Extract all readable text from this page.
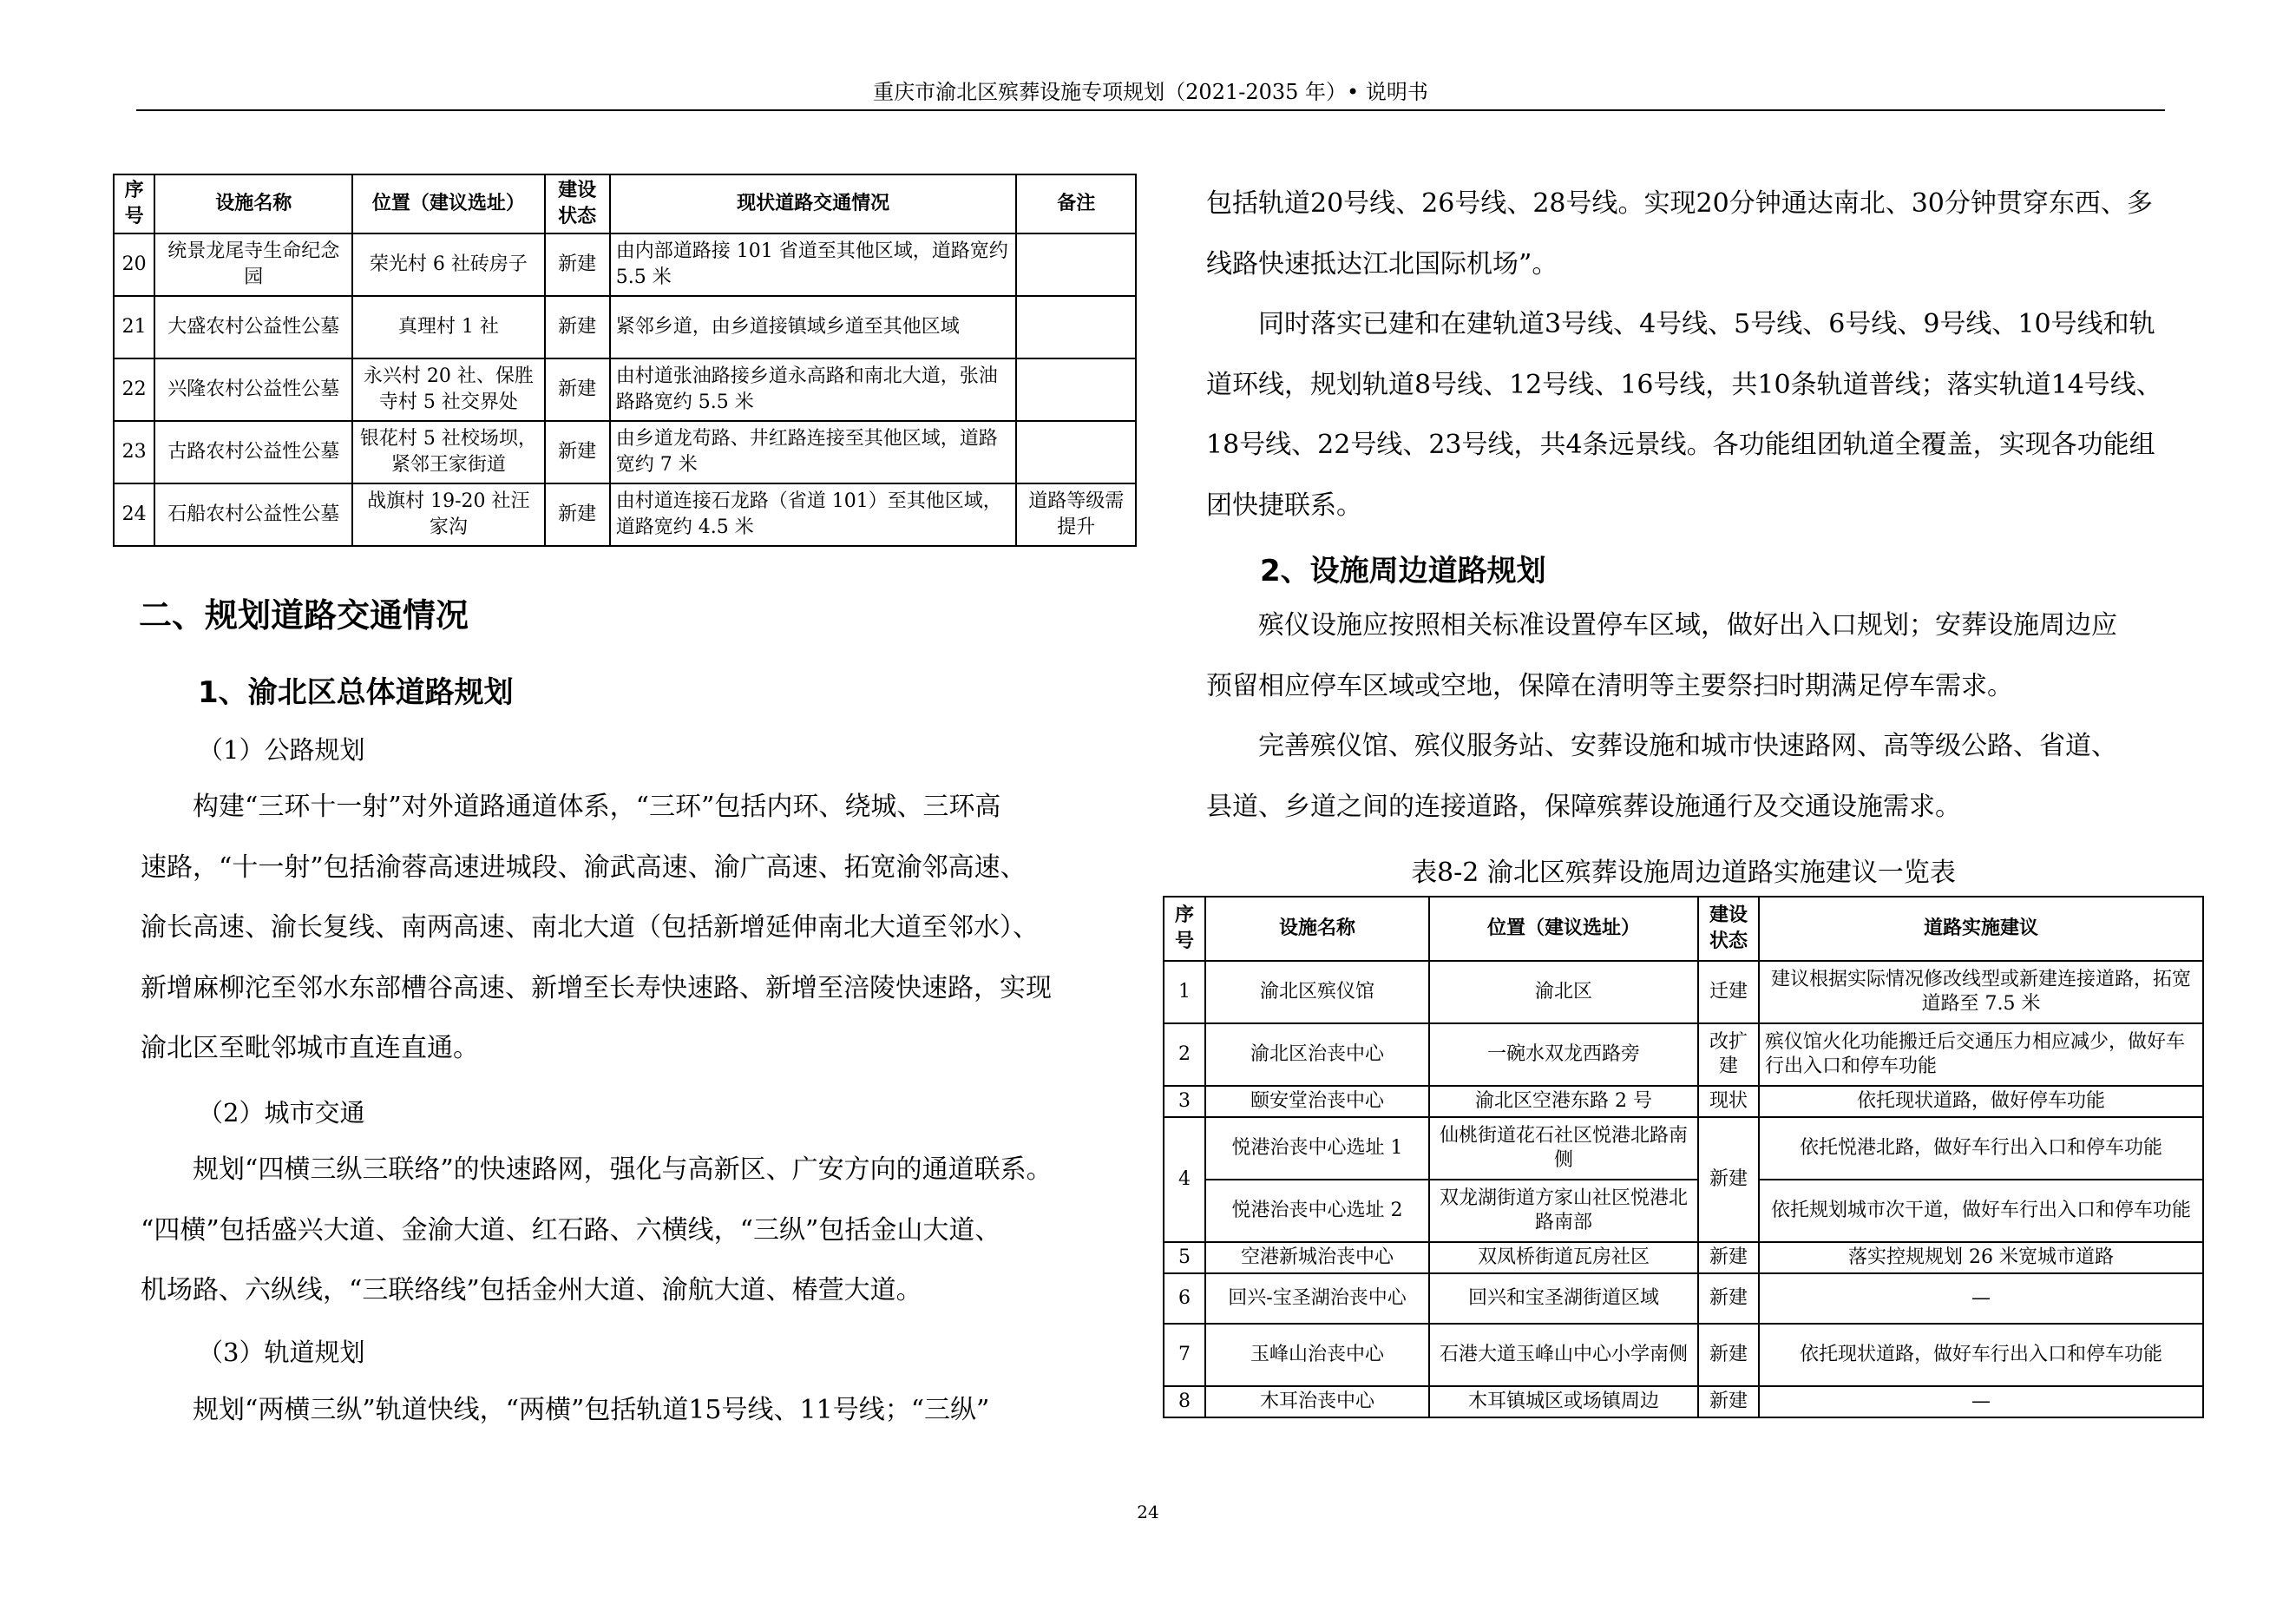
重庆市渝北区殡葬设施专项规划（2021-2035 年）• 说明书
序号	设施名称	位置（建议选址）	建设状态	现状道路交通情况	备注
20	统景龙尾寺生命纪念园	荣光村 6 社砖房子	新建	由内部道路接 101 省道至其他区域，道路宽约 5.5 米	
21	大盛农村公益性公墓	真理村 1 社	新建	紧邻乡道，由乡道接镇域乡道至其他区域	
22	兴隆农村公益性公墓	永兴村 20 社、保胜寺村 5 社交界处	新建	由村道张油路接乡道永高路和南北大道，张油路路宽约 5.5 米	
23	古路农村公益性公墓	银花村 5 社校场坝，紧邻王家街道	新建	由乡道龙苟路、井红路连接至其他区域，道路宽约 7 米	
24	石船农村公益性公墓	战旗村 19-20 社汪家沟	新建	由村道连接石龙路（省道 101）至其他区域，道路宽约 4.5 米	道路等级需提升
二、规划道路交通情况
1、渝北区总体道路规划
（1）公路规划
构建“三环十一射”对外道路通道体系，“三环”包括内环、绕城、三环高
速路，“十一射”包括渝蓉高速进城段、渝武高速、渝广高速、拓宽渝邻高速、
渝长高速、渝长复线、南两高速、南北大道（包括新增延伸南北大道至邻水）、
新增麻柳沱至邻水东部槽谷高速、新增至长寿快速路、新增至涪陵快速路，实现
渝北区至毗邻城市直连直通。
（2）城市交通
规划“四横三纵三联络”的快速路网，强化与高新区、广安方向的通道联系。
“四横”包括盛兴大道、金渝大道、红石路、六横线，“三纵”包括金山大道、
机场路、六纵线，“三联络线”包括金州大道、渝航大道、椿萱大道。
（3）轨道规划
规划“两横三纵”轨道快线，“两横”包括轨道15号线、11号线；“三纵”
包括轨道20号线、26号线、28号线。实现20分钟通达南北、30分钟贯穿东西、多
线路快速抵达江北国际机场”。
同时落实已建和在建轨道3号线、4号线、5号线、6号线、9号线、10号线和轨
道环线，规划轨道8号线、12号线、16号线，共10条轨道普线；落实轨道14号线、
18号线、22号线、23号线，共4条远景线。各功能组团轨道全覆盖，实现各功能组
团快捷联系。
2、设施周边道路规划
殡仪设施应按照相关标准设置停车区域，做好出入口规划；安葬设施周边应
预留相应停车区域或空地，保障在清明等主要祭扫时期满足停车需求。
完善殡仪馆、殡仪服务站、安葬设施和城市快速路网、高等级公路、省道、
县道、乡道之间的连接道路，保障殡葬设施通行及交通设施需求。
表8-2 渝北区殡葬设施周边道路实施建议一览表
序号	设施名称	位置（建议选址）	建设状态	道路实施建议
1	渝北区殡仪馆	渝北区	迁建	建议根据实际情况修改线型或新建连接道路，拓宽道路至 7.5 米
2	渝北区治丧中心	一碗水双龙西路旁	改扩建	殡仪馆火化功能搬迁后交通压力相应减少，做好车行出入口和停车功能
3	颐安堂治丧中心	渝北区空港东路 2 号	现状	依托现状道路，做好停车功能
4	悦港治丧中心选址 1	仙桃街道花石社区悦港北路南侧	新建	依托悦港北路，做好车行出入口和停车功能
	悦港治丧中心选址 2	双龙湖街道方家山社区悦港北路南部		依托规划城市次干道，做好车行出入口和停车功能
5	空港新城治丧中心	双凤桥街道瓦房社区	新建	落实控规规划 26 米宽城市道路
6	回兴-宝圣湖治丧中心	回兴和宝圣湖街道区域	新建	—
7	玉峰山治丧中心	石港大道玉峰山中心小学南侧	新建	依托现状道路，做好车行出入口和停车功能
8	木耳治丧中心	木耳镇城区或场镇周边	新建	—
24
